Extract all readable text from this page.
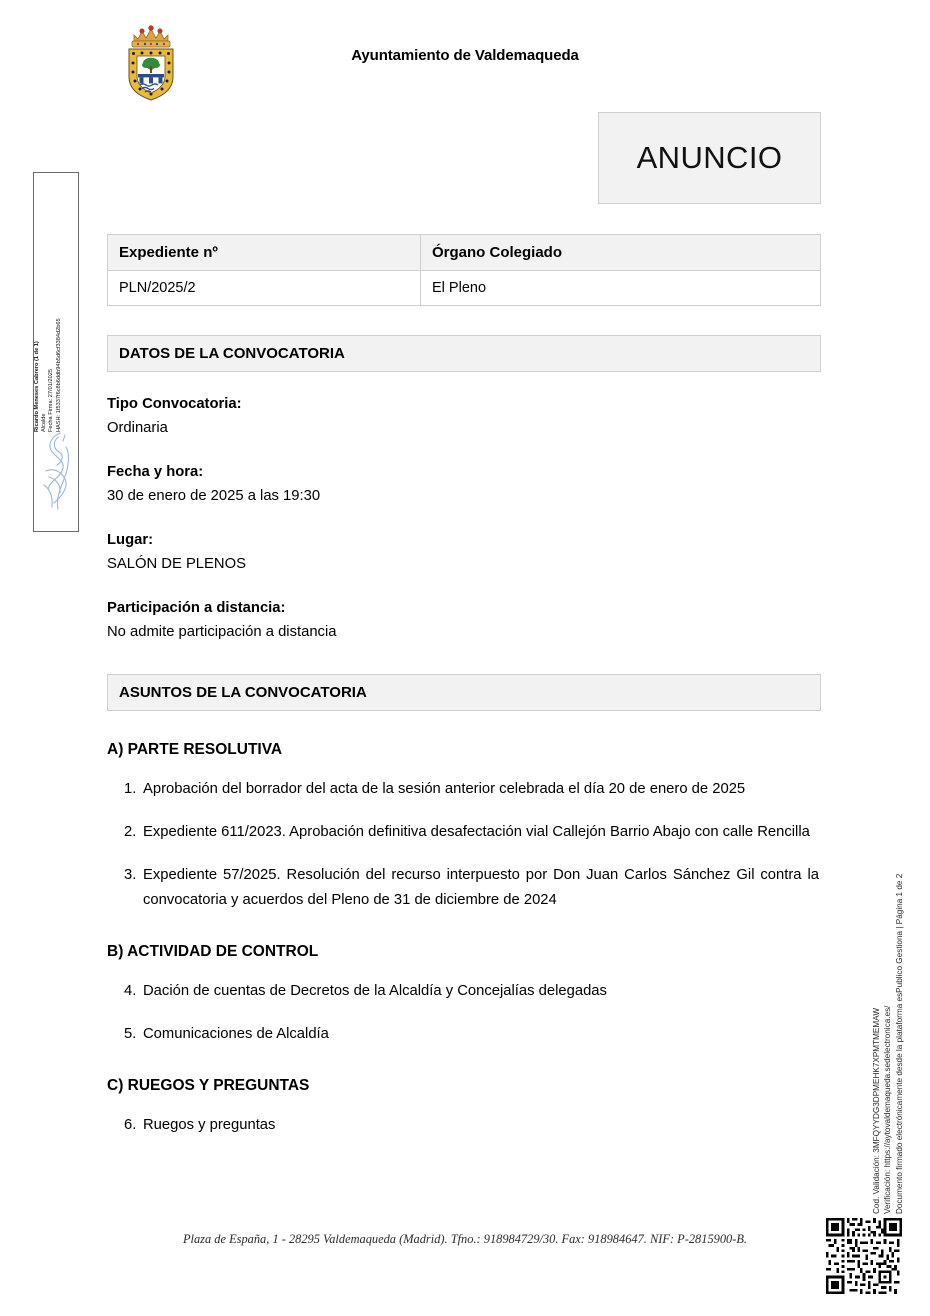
Ricardo Meneses Cabrero (1 de 1) Alcalde Fecha Firma: 27/01/2025 HASH: 1f5337f6c8b6ddb94b5d6cf3384d2b65
Cod. Validación: 3MFQYYDG3DPMEHK7XPMTMEMAW Verificación: https://aytovaldemaqueda.sedelectronica.es/ Documento firmado electrónicamente desde la plataforma esPublico Gestiona | Página 1 de 2
Ayuntamiento de Valdemaqueda
ANUNCIO
Expediente nº	Órgano Colegiado
PLN/2025/2	El Pleno
DATOS DE LA CONVOCATORIA
Tipo Convocatoria:
Ordinaria
Fecha y hora:
30 de enero de 2025 a las 19:30
Lugar:
SALÓN DE PLENOS
Participación a distancia:
No admite participación a distancia
ASUNTOS DE LA CONVOCATORIA
A) PARTE RESOLUTIVA
1. Aprobación del borrador del acta de la sesión anterior celebrada el día 20 de enero de 2025
2. Expediente 611/2023. Aprobación definitiva desafectación vial Callejón Barrio Abajo con calle Rencilla
3. Expediente 57/2025. Resolución del recurso interpuesto por Don Juan Carlos Sánchez Gil contra la convocatoria y acuerdos del Pleno de 31 de diciembre de 2024
B) ACTIVIDAD DE CONTROL
4. Dación de cuentas de Decretos de la Alcaldía y Concejalías delegadas
5. Comunicaciones de Alcaldía
C) RUEGOS Y PREGUNTAS
6. Ruegos y preguntas
Plaza de España, 1 - 28295 Valdemaqueda (Madrid). Tfno.: 918984729/30. Fax: 918984647. NIF: P-2815900-B.
